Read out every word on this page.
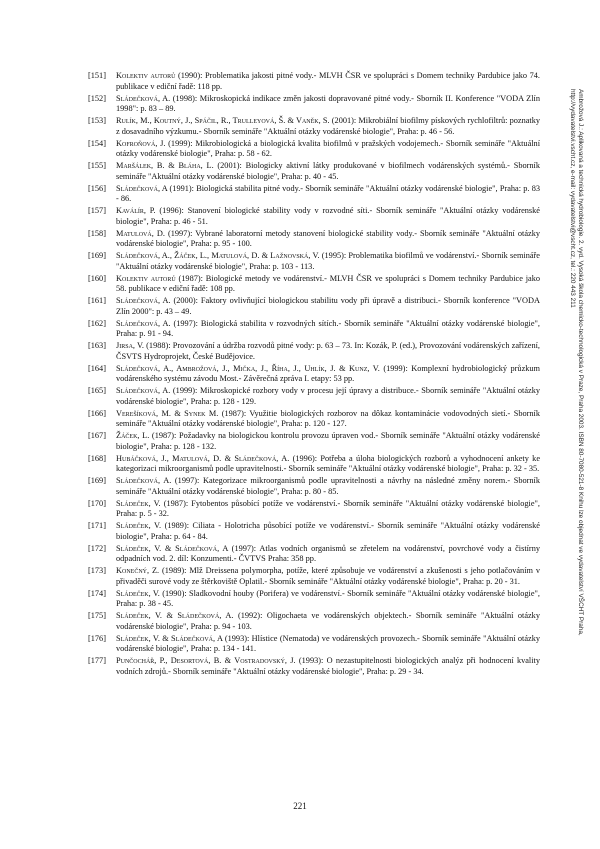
[151]	Kolektiv autorů (1990): Problematika jakosti pitné vody.- MLVH ČSR ve spolupráci s Domem techniky Pardubice jako 74. publikace v ediční řadě: 118 pp.
[152]	Sládečková, A. (1998): Mikroskopická indikace změn jakosti dopravované pitné vody.- Sborník II. Konference "VODA Zlín 1998": p. 83 – 89.
[153]	Rulík, M., Koutný, J., Spáčil, R., Trulleyová, Š. & Vaněk, S. (2001): Mikrobiální biofilmy pískových rychlofiltrů: poznatky z dosavadního výzkumu.- Sborník semináře "Aktuální otázky vodárenské biologie", Praha: p. 46 - 56.
[154]	Kofroňová, J. (1999): Mikrobiologická a biologická kvalita biofilmů v pražských vodojemech.- Sborník semináře "Aktuální otázky vodárenské biologie", Praha: p. 58 - 62.
[155]	Maršálek, B. & Bláha, L. (2001): Biologicky aktivní látky produkované v biofilmech vodárenských systémů.- Sborník semináře "Aktuální otázky vodárenské biologie", Praha: p. 40 - 45.
[156]	Sládečková, A (1991): Biologická stabilita pitné vody.- Sborník semináře "Aktuální otázky vodárenské biologie", Praha: p. 83 - 86.
[157]	Kaválír, P. (1996): Stanovení biologické stability vody v rozvodné síti.- Sborník semináře "Aktuální otázky vodárenské biologie", Praha: p. 46 - 51.
[158]	Matulová, D. (1997): Vybrané laboratorní metody stanovení biologické stability vody.- Sborník semináře "Aktuální otázky vodárenské biologie", Praha: p. 95 - 100.
[169]	Sládečková, A., Žáček, L., Matulová, D. & Lažnovská, V. (1995): Problematika biofilmů ve vodárenství.- Sborník semináře "Aktuální otázky vodárenské biologie", Praha: p. 103 - 113.
[160]	Kolektiv autorů (1987): Biologické metody ve vodárenství.- MLVH ČSR ve spolupráci s Domem techniky Pardubice jako 58. publikace v ediční řadě: 108 pp.
[161]	Sládečková, A. (2000): Faktory ovlivňující biologickou stabilitu vody při úpravě a distribuci.- Sborník konference "VODA Zlín 2000": p. 43 – 49.
[162]	Sládečková, A. (1997): Biologická stabilita v rozvodných sítích.- Sborník semináře "Aktuální otázky vodárenské biologie", Praha: p. 91 - 94.
[163]	Jirsa, V. (1988): Provozování a údržba rozvodů pitné vody: p. 63 – 73. In: Kozák, P. (ed.), Provozování vodárenských zařízení, ČSVTS Hydroprojekt, České Budějovice.
[164]	Sládečková, A., Ambrožová, J., Mička, J., Říha, J., Uhlík, J. & Kunz, V. (1999): Komplexní hydrobiologický průzkum vodárenského systému závodu Most.- Závěrečná zpráva I. etapy: 53 pp.
[165]	Sládečková, A. (1999): Mikroskopické rozbory vody v procesu její úpravy a distribuce.- Sborník semináře "Aktuální otázky vodárenské biologie", Praha: p. 128 - 129.
[166]	Verešíková, M. & Synek M. (1987): Využitie biologických rozborov na dôkaz kontaminácie vodovodných sietí.- Sborník semináře "Aktuální otázky vodárenské biologie", Praha: p. 120 - 127.
[167]	Žáček, L. (1987): Požadavky na biologickou kontrolu provozu úpraven vod.- Sborník semináře "Aktuální otázky vodárenské biologie", Praha: p. 128 - 132.
[168]	Hubáčková, J., Matulová, D. & Sládečková, A. (1996): Potřeba a úloha biologických rozborů a vyhodnocení ankety ke kategorizaci mikroorganismů podle upravitelnosti.- Sborník semináře "Aktuální otázky vodárenské biologie", Praha: p. 32 - 35.
[169]	Sládečková, A. (1997): Kategorizace mikroorganismů podle upravitelnosti a návrhy na následné změny norem.- Sborník semináře "Aktuální otázky vodárenské biologie", Praha: p. 80 - 85.
[170]	Sládeček, V. (1987): Fytobentos působící potíže ve vodárenství.- Sborník semináře "Aktuální otázky vodárenské biologie", Praha: p. 5 - 32.
[171]	Sládeček, V. (1989): Ciliata - Holotricha působící potíže ve vodárenství.- Sborník semináře "Aktuální otázky vodárenské biologie", Praha: p. 64 - 84.
[172]	Sládeček, V. & Sládečková, A (1997): Atlas vodních organismů se zřetelem na vodárenství, povrchové vody a čistírny odpadních vod. 2. díl: Konzumenti.- ČVTVS Praha: 358 pp.
[173]	Konečný, Z. (1989): Mlž Dreissena polymorpha, potíže, které způsobuje ve vodárenství a zkušenosti s jeho potlačováním v přivaděči surové vody ze štěrkoviště Oplatil.- Sborník semináře "Aktuální otázky vodárenské biologie", Praha: p. 20 - 31.
[174]	Sládeček, V. (1990): Sladkovodní houby (Porifera) ve vodárenství.- Sborník semináře "Aktuální otázky vodárenské biologie", Praha: p. 38 - 45.
[175]	Sládeček, V. & Sládečková, A. (1992): Oligochaeta ve vodárenských objektech.- Sborník semináře "Aktuální otázky vodárenské biologie", Praha: p. 94 - 103.
[176]	Sládeček, V. & Sládečková, A (1993): Hlístice (Nematoda) ve vodárenských provozech.- Sborník semináře "Aktuální otázky vodárenské biologie", Praha: p. 134 - 141.
[177]	Punčochář, P., Desortová, B. & Vostradovský, J. (1993): O nezastupitelnosti biologických analýz při hodnocení kvality vodních zdrojů.- Sborník semináře "Aktuální otázky vodárenské biologie", Praha: p. 29 - 34.
Ambrožová J.: Aplikovaná a technická hydrobiologie. 2. vyd. Vysoká škola chemicko-technologická v Praze, Praha 2003. ISBN 80-7080-521-8 Knihu lze objednat ve vydavatelství VŠCHT Praha, http://vydavatelstvi.vscht.cz, e-mail: vydavatelstvi@vscht.cz, tel.: 220 443 211
221
